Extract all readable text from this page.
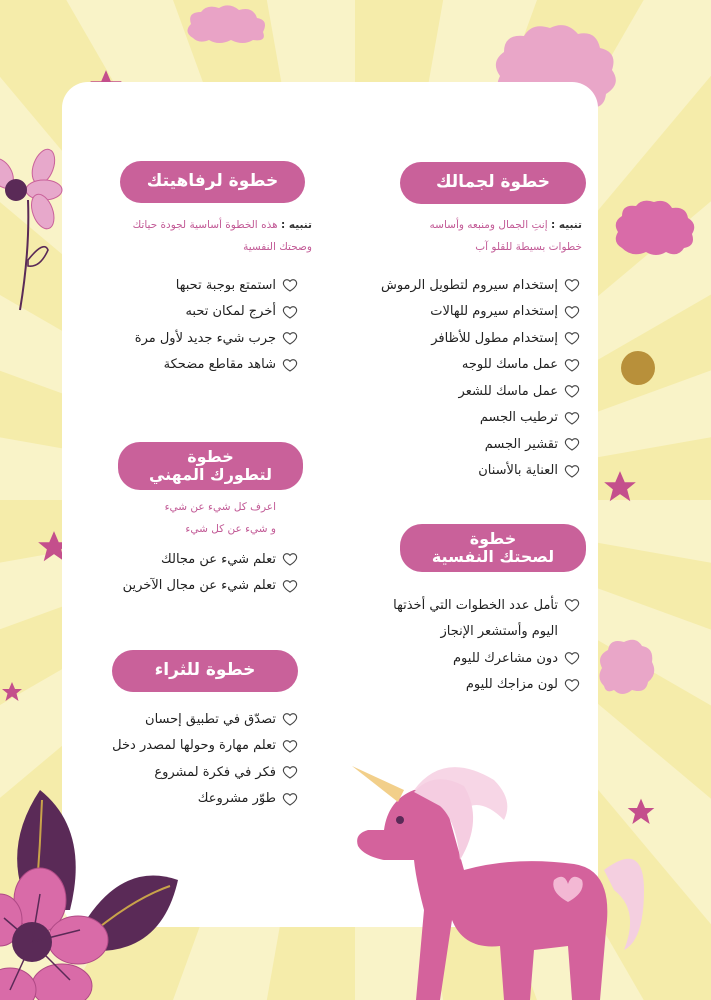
خطوة لجمالك
تنبيه : إنتِ الجمال ومنبعه وأساسه
خطوات بسيطة للقلو آب
إستخدام سيروم لتطويل الرموش
إستخدام سيروم للهالات
إستخدام مطول للأظافر
عمل ماسك للوجه
عمل ماسك للشعر
ترطيب الجسم
تقشير الجسم
العناية بالأسنان
خطوة لرفاهيتك
تنبيه : هذه الخطوة أساسية لجودة حياتك
وصحتك النفسية
استمتع بوجبة تحبها
أخرج لمكان تحبه
جرب شيء جديد لأول مرة
شاهد مقاطع مضحكة
خطوة
لتطورك المهني
اعرف كل شيء عن شيء
و شيء عن كل شيء
تعلم شيء عن مجالك
تعلم شيء عن مجال الآخرين
خطوة
لصحتك النفسية
تأمل عدد الخطوات التي أخذتها
اليوم وأستشعر الإنجاز
دون مشاعرك لليوم
لون مزاجك لليوم
خطوة للثراء
تصدّق في تطبيق إحسان
تعلم مهارة وحولها لمصدر دخل
فكر في فكرة لمشروع
طوّر مشروعك
